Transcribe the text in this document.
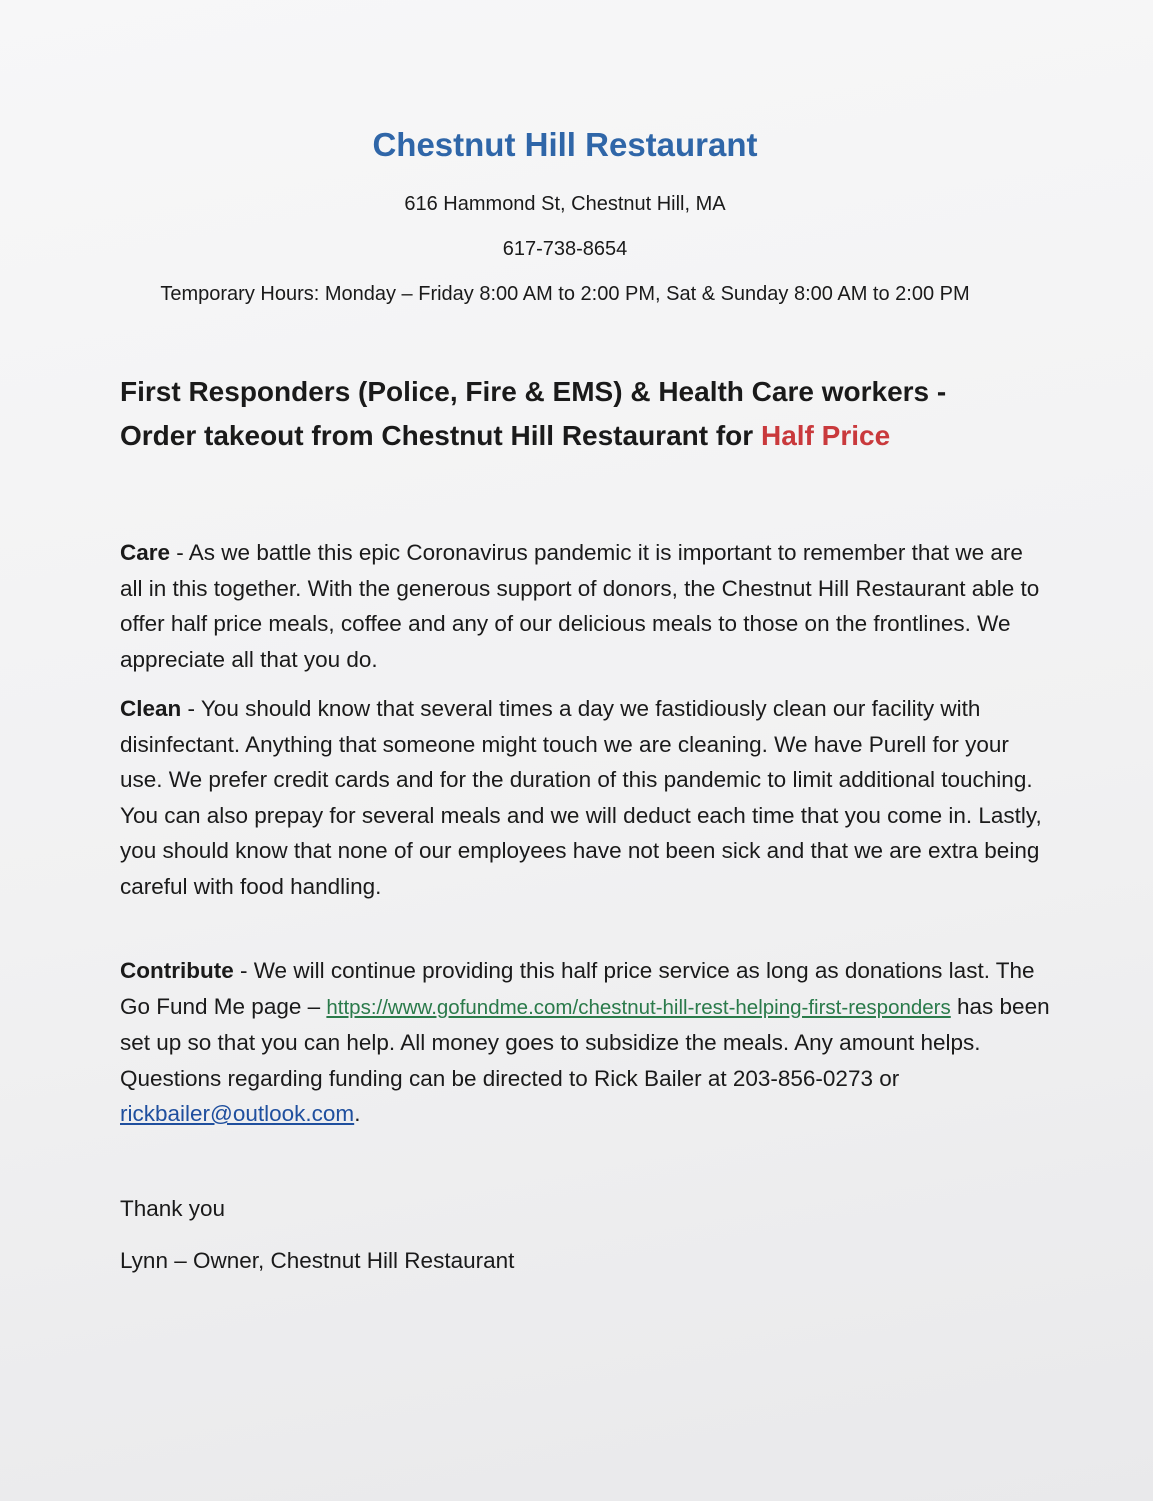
Chestnut Hill Restaurant
616 Hammond St, Chestnut Hill, MA
617-738-8654
Temporary Hours: Monday – Friday 8:00 AM to 2:00 PM, Sat & Sunday 8:00 AM to 2:00 PM
First Responders (Police, Fire & EMS) & Health Care workers -
Order takeout from Chestnut Hill Restaurant for Half Price
Care - As we battle this epic Coronavirus pandemic it is important to remember that we are all in this together. With the generous support of donors, the Chestnut Hill Restaurant able to offer half price meals, coffee and any of our delicious meals to those on the frontlines. We appreciate all that you do.
Clean - You should know that several times a day we fastidiously clean our facility with disinfectant. Anything that someone might touch we are cleaning. We have Purell for your use. We prefer credit cards and for the duration of this pandemic to limit additional touching. You can also prepay for several meals and we will deduct each time that you come in. Lastly, you should know that none of our employees have not been sick and that we are extra being careful with food handling.
Contribute - We will continue providing this half price service as long as donations last. The Go Fund Me page – https://www.gofundme.com/chestnut-hill-rest-helping-first-responders has been set up so that you can help. All money goes to subsidize the meals. Any amount helps. Questions regarding funding can be directed to Rick Bailer at 203-856-0273 or rickbailer@outlook.com.
Thank you
Lynn – Owner, Chestnut Hill Restaurant
